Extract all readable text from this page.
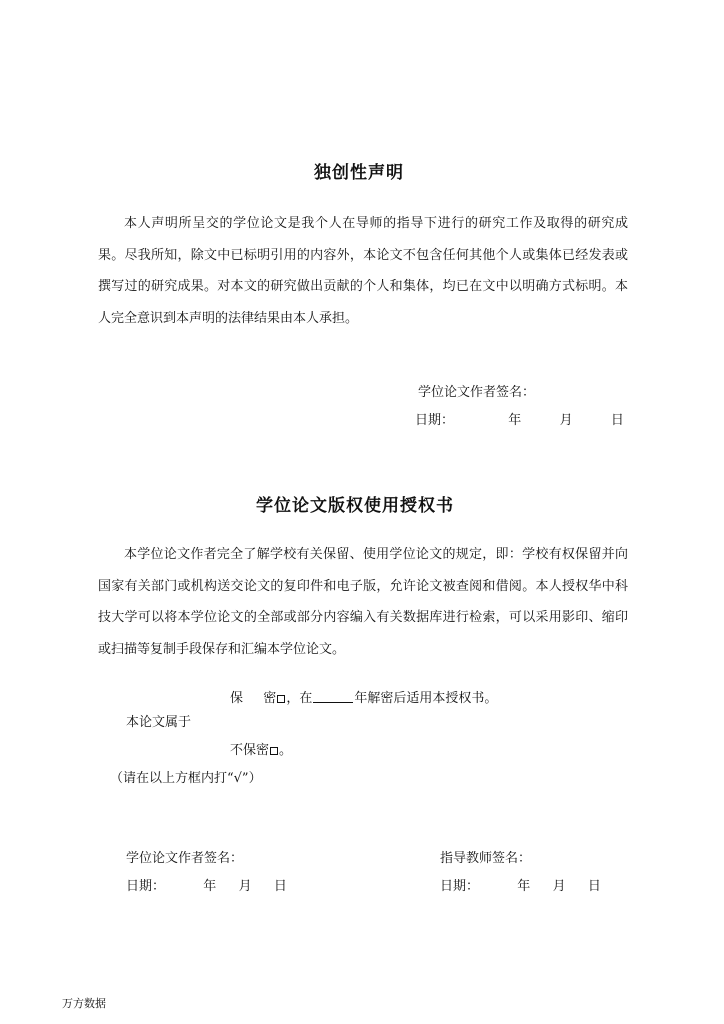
独创性声明

本人声明所呈交的学位论文是我个人在导师的指导下进行的研究工作及取得的研究成果。尽我所知，除文中已标明引用的内容外，本论文不包含任何其他个人或集体已经发表或撰写过的研究成果。对本文的研究做出贡献的个人和集体，均已在文中以明确方式标明。本人完全意识到本声明的法律结果由本人承担。

学位论文作者签名：
日期：	年	月	日
学位论文版权使用授权书

本学位论文作者完全了解学校有关保留、使用学位论文的规定，即：学校有权保留并向国家有关部门或机构送交论文的复印件和电子版，允许论文被查阅和借阅。本人授权华中科技大学可以将本学位论文的全部或部分内容编入有关数据库进行检索，可以采用影印、缩印或扫描等复制手段保存和汇编本学位论文。

保 密 ，在	年解密后适用本授权书。
本论文属于
不保密 。
（请在以上方框内打“√”）
学位论文作者签名：	指导教师签名：
日期：	年 月 日	日期：	年 月 日
万方数据
